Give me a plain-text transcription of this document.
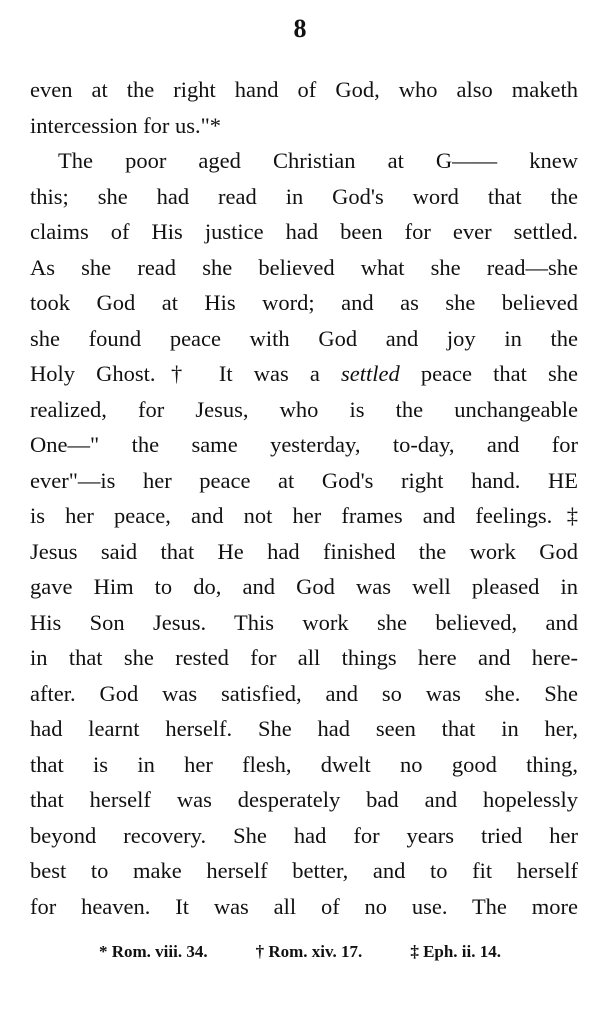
8
even at the right hand of God, who also maketh
intercession for us."*
The poor aged Christian at G—— knew
this; she had read in God's word that the
claims of His justice had been for ever settled.
As she read she believed what she read—she
took God at His word; and as she believed
she found peace with God and joy in the
Holy Ghost.† It was a settled peace that she
realized, for Jesus, who is the unchangeable
One—" the same yesterday, to-day, and for
ever"—is her peace at God's right hand. HE
is her peace, and not her frames and feelings.‡
Jesus said that He had finished the work God
gave Him to do, and God was well pleased in
His Son Jesus. This work she believed, and
in that she rested for all things here and here-
after. God was satisfied, and so was she. She
had learnt herself. She had seen that in her,
that is in her flesh, dwelt no good thing,
that herself was desperately bad and hopelessly
beyond recovery. She had for years tried her
best to make herself better, and to fit herself
for heaven. It was all of no use. The more
* Rom. viii. 34.	† Rom. xiv. 17.	‡ Eph. ii. 14.
